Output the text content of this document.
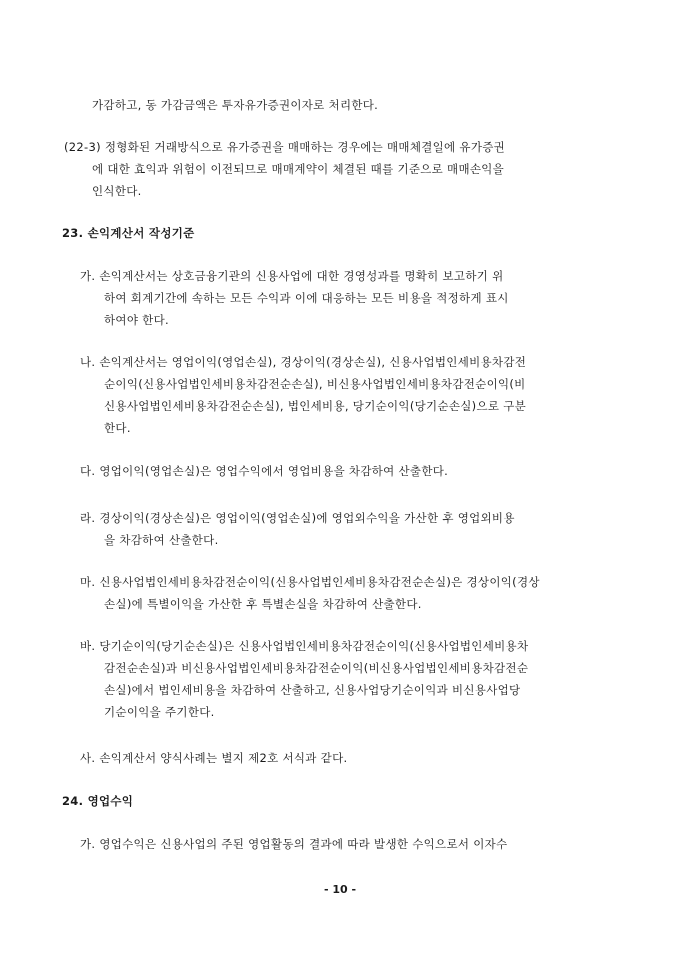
가감하고, 동 가감금액은 투자유가증권이자로 처리한다.
(22-3) 정형화된 거래방식으로 유가증권을 매매하는 경우에는 매매체결일에 유가증권
에 대한 효익과 위험이 이전되므로 매매계약이 체결된 때를 기준으로 매매손익을
인식한다.
23. 손익계산서 작성기준
가. 손익계산서는 상호금융기관의 신용사업에 대한 경영성과를 명확히 보고하기 위
하여 회계기간에 속하는 모든 수익과 이에 대응하는 모든 비용을 적정하게 표시
하여야 한다.
나. 손익계산서는 영업이익(영업손실), 경상이익(경상손실), 신용사업법인세비용차감전
순이익(신용사업법인세비용차감전순손실), 비신용사업법인세비용차감전순이익(비
신용사업법인세비용차감전순손실), 법인세비용, 당기순이익(당기순손실)으로 구분
한다.
다. 영업이익(영업손실)은 영업수익에서 영업비용을 차감하여 산출한다.
라. 경상이익(경상손실)은 영업이익(영업손실)에 영업외수익을 가산한 후 영업외비용
을 차감하여 산출한다.
마. 신용사업법인세비용차감전순이익(신용사업법인세비용차감전순손실)은 경상이익(경상
손실)에 특별이익을 가산한 후 특별손실을 차감하여 산출한다.
바. 당기순이익(당기순손실)은 신용사업법인세비용차감전순이익(신용사업법인세비용차
감전순손실)과 비신용사업법인세비용차감전순이익(비신용사업법인세비용차감전순
손실)에서 법인세비용을 차감하여 산출하고, 신용사업당기순이익과 비신용사업당
기순이익을 주기한다.
사. 손익계산서 양식사례는 별지 제2호 서식과 같다.
24. 영업수익
가. 영업수익은 신용사업의 주된 영업활동의 결과에 따라 발생한 수익으로서 이자수
- 10 -
